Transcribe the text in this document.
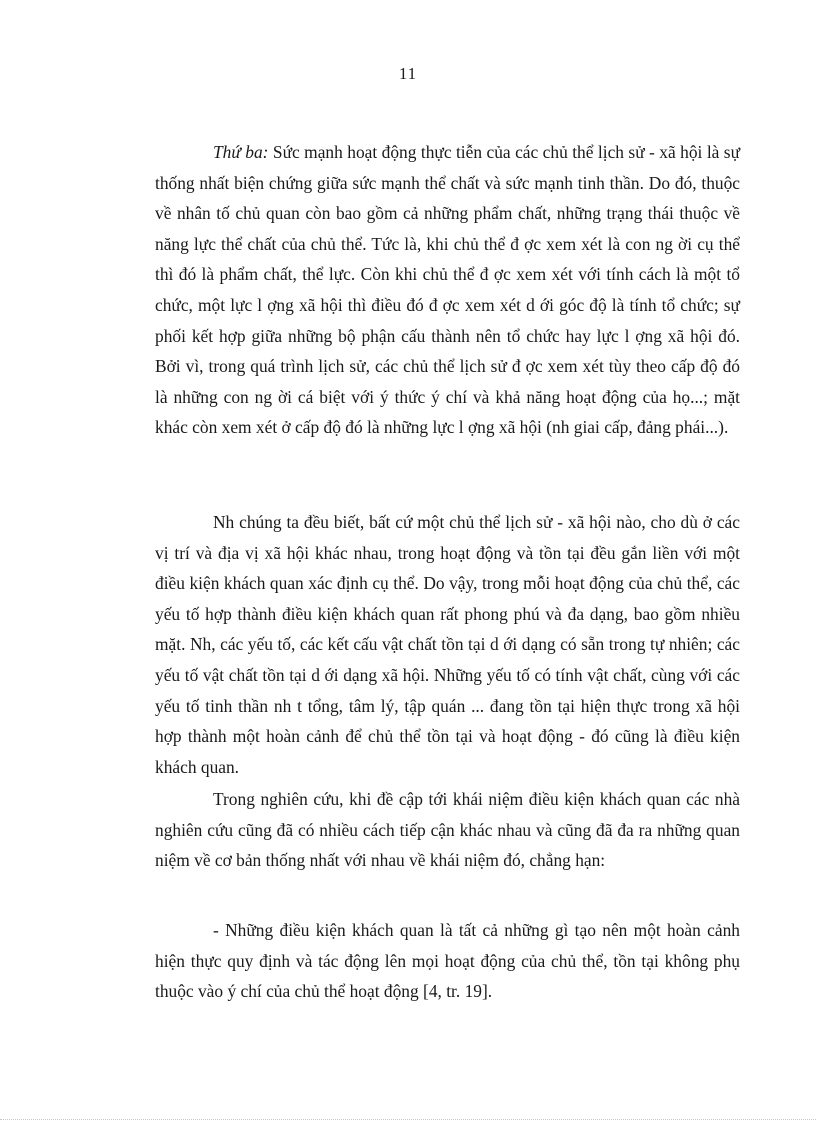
11

Thứ ba: Sức mạnh hoạt động thực tiễn của các chủ thể lịch sử - xã hội là sự thống nhất biện chứng giữa sức mạnh thể chất và sức mạnh tinh thần. Do đó, thuộc về nhân tố chủ quan còn bao gồm cả những phẩm chất, những trạng thái thuộc về năng lực thể chất của chủ thể. Tức là, khi chủ thể đ ợc xem xét là con ng ời cụ thể thì đó là phẩm chất, thể lực. Còn khi chủ thể đ ợc xem xét với tính cách là một tổ chức, một lực l ợng xã hội thì điều đó đ ợc xem xét d ới góc độ là tính tổ chức; sự phối kết hợp giữa những bộ phận cấu thành nên tổ chức hay lực l ợng xã hội đó. Bởi vì, trong quá trình lịch sử, các chủ thể lịch sử đ ợc xem xét tùy theo cấp độ đó là những con ng ời cá biệt với ý thức ý chí và khả năng hoạt động của họ...; mặt khác còn xem xét ở cấp độ đó là những lực l ợng xã hội (nh giai cấp, đảng phái...).

Nh chúng ta đều biết, bất cứ một chủ thể lịch sử - xã hội nào, cho dù ở các vị trí và địa vị xã hội khác nhau, trong hoạt động và tồn tại đều gắn liền với một điều kiện khách quan xác định cụ thể. Do vậy, trong mỗi hoạt động của chủ thể, các yếu tố hợp thành điều kiện khách quan rất phong phú và đa dạng, bao gồm nhiều mặt. Nh, các yếu tố, các kết cấu vật chất tồn tại d ới dạng có sẵn trong tự nhiên; các yếu tố vật chất tồn tại d ới dạng xã hội. Những yếu tố có tính vật chất, cùng với các yếu tố tinh thần nh t tổng, tâm lý, tập quán ... đang tồn tại hiện thực trong xã hội hợp thành một hoàn cảnh để chủ thể tồn tại và hoạt động - đó cũng là điều kiện khách quan.

Trong nghiên cứu, khi đề cập tới khái niệm điều kiện khách quan các nhà nghiên cứu cũng đã có nhiều cách tiếp cận khác nhau và cũng đã đa ra những quan niệm về cơ bản thống nhất với nhau về khái niệm đó, chẳng hạn:

- Những điều kiện khách quan là tất cả những gì tạo nên một hoàn cảnh hiện thực quy định và tác động lên mọi hoạt động của chủ thể, tồn tại không phụ thuộc vào ý chí của chủ thể hoạt động [4, tr. 19].
